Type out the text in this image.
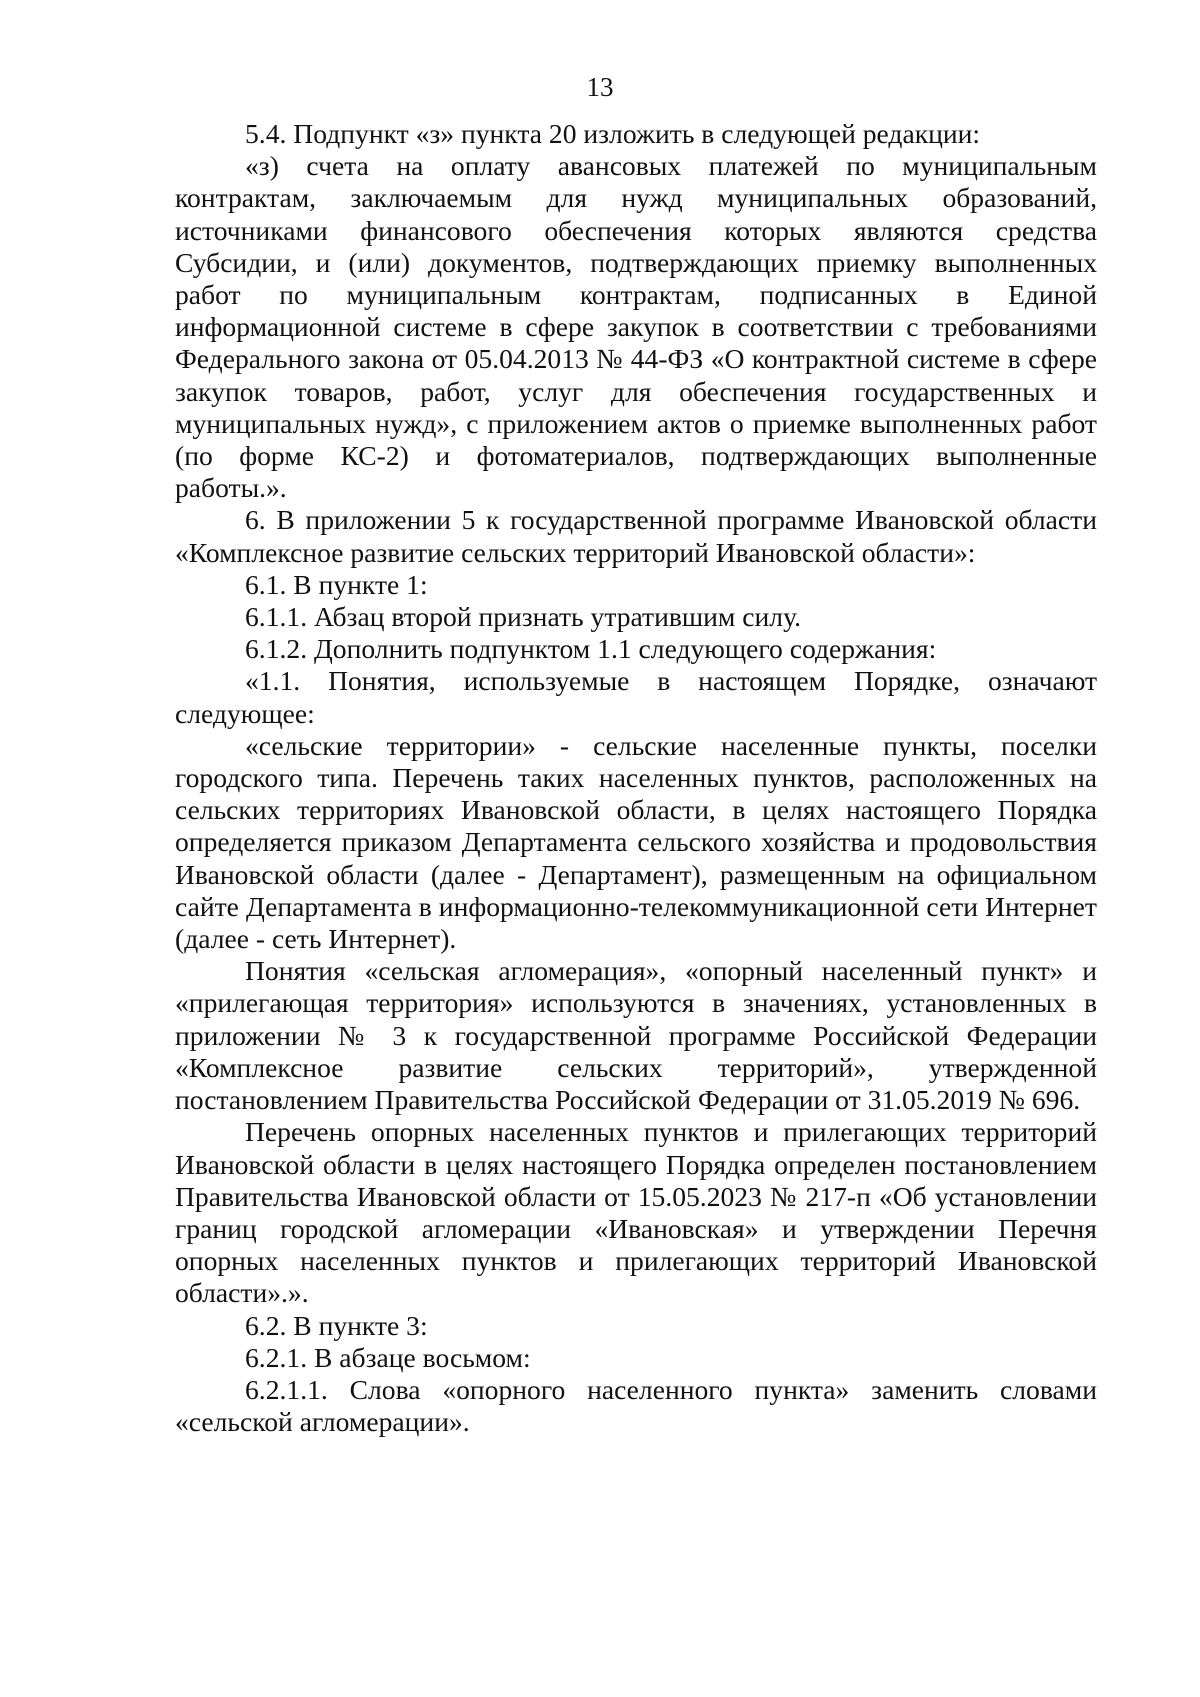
13

5.4. Подпункт «з» пункта 20 изложить в следующей редакции:

«з) счета на оплату авансовых платежей по муниципальным контрактам, заключаемым для нужд муниципальных образований, источниками финансового обеспечения которых являются средства Субсидии, и (или) документов, подтверждающих приемку выполненных работ по муниципальным контрактам, подписанных в Единой информационной системе в сфере закупок в соответствии с требованиями Федерального закона от 05.04.2013 № 44-ФЗ «О контрактной системе в сфере закупок товаров, работ, услуг для обеспечения государственных и муниципальных нужд», с приложением актов о приемке выполненных работ (по форме КС-2) и фотоматериалов, подтверждающих выполненные работы.».

6. В приложении 5 к государственной программе Ивановской области «Комплексное развитие сельских территорий Ивановской области»:

6.1. В пункте 1:

6.1.1. Абзац второй признать утратившим силу.

6.1.2. Дополнить подпунктом 1.1 следующего содержания:

«1.1. Понятия, используемые в настоящем Порядке, означают следующее:

«сельские территории» - сельские населенные пункты, поселки городского типа. Перечень таких населенных пунктов, расположенных на сельских территориях Ивановской области, в целях настоящего Порядка определяется приказом Департамента сельского хозяйства и продовольствия Ивановской области (далее - Департамент), размещенным на официальном сайте Департамента в информационно-телекоммуникационной сети Интернет (далее - сеть Интернет).

Понятия «сельская агломерация», «опорный населенный пункт» и «прилегающая территория» используются в значениях, установленных в приложении № 3 к государственной программе Российской Федерации «Комплексное развитие сельских территорий», утвержденной постановлением Правительства Российской Федерации от 31.05.2019 № 696.

Перечень опорных населенных пунктов и прилегающих территорий Ивановской области в целях настоящего Порядка определен постановлением Правительства Ивановской области от 15.05.2023 № 217-п «Об установлении границ городской агломерации «Ивановская» и утверждении Перечня опорных населенных пунктов и прилегающих территорий Ивановской области».».

6.2. В пункте 3:

6.2.1. В абзаце восьмом:

6.2.1.1. Слова «опорного населенного пункта» заменить словами «сельской агломерации».
